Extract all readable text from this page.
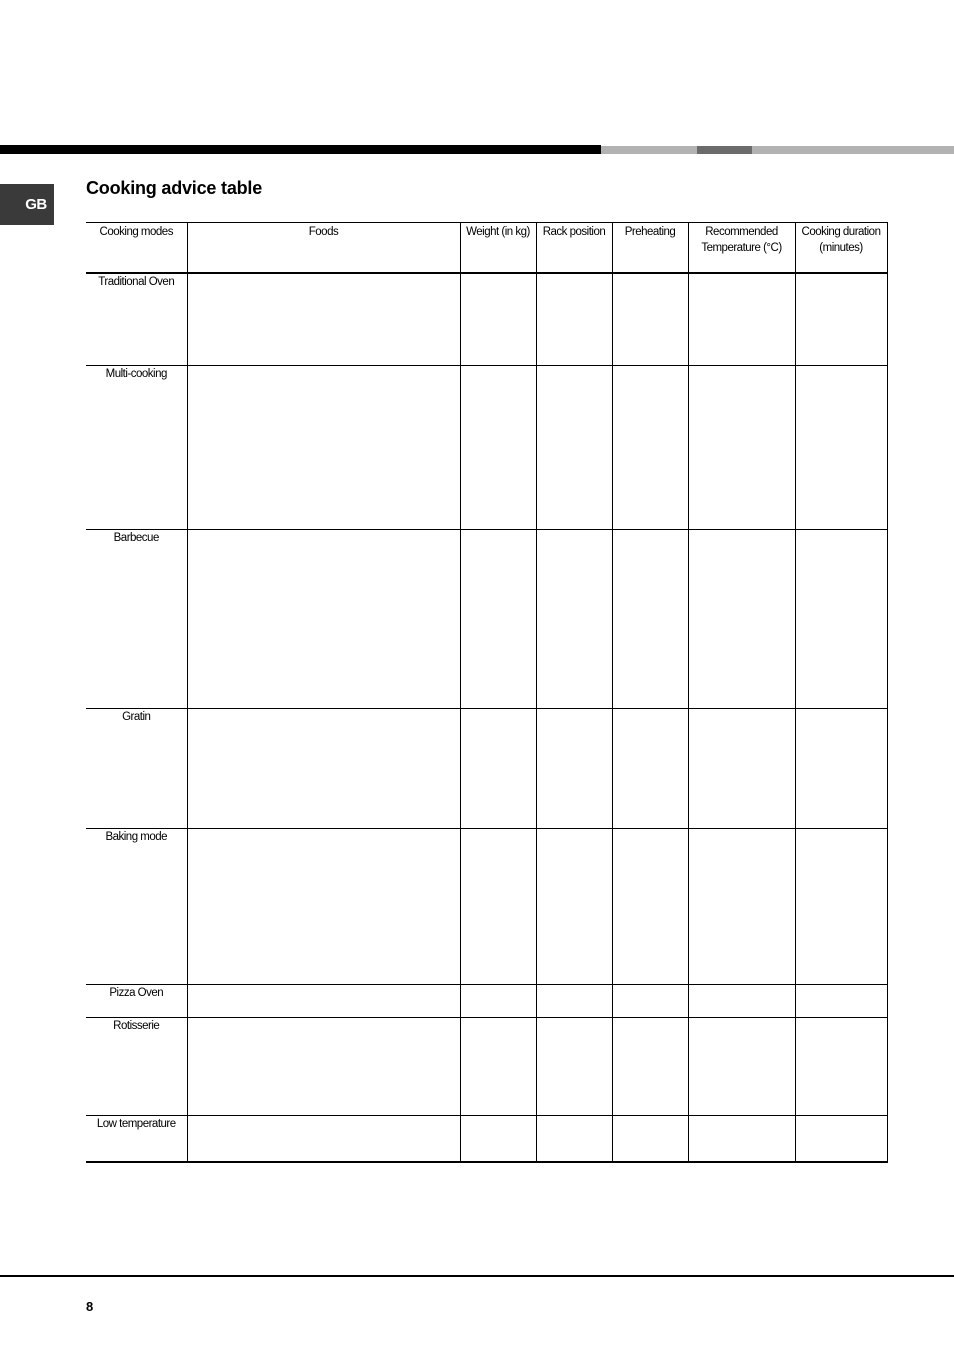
GB
Cooking advice table
Cooking modes	Foods	Weight (in kg)	Rack position	Preheating	Recommended Temperature (°C)	Cooking duration (minutes)
Traditional Oven						
Multi-cooking						
Barbecue						
Gratin						
Baking mode						
Pizza Oven						
Rotisserie						
Low temperature						
8
